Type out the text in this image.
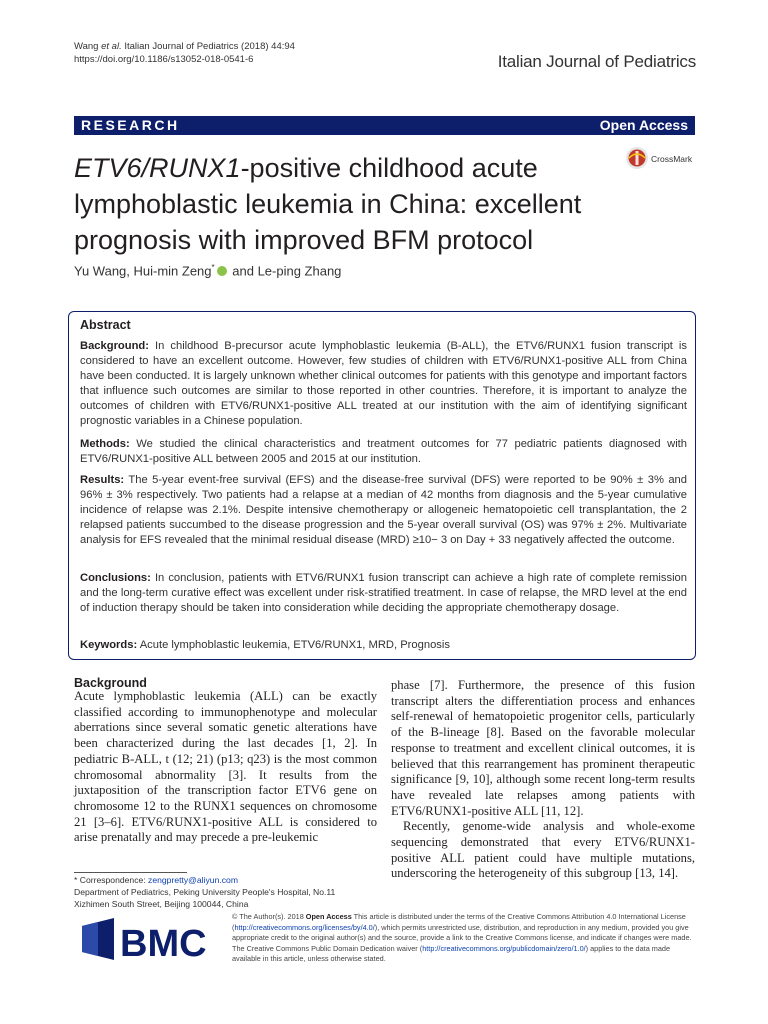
Wang et al. Italian Journal of Pediatrics (2018) 44:94
https://doi.org/10.1186/s13052-018-0541-6	Italian Journal of Pediatrics
RESEARCH	Open Access
ETV6/RUNX1-positive childhood acute lymphoblastic leukemia in China: excellent prognosis with improved BFM protocol
CrossMark
Yu Wang, Hui-min Zeng* and Le-ping Zhang
Abstract
Background: In childhood B-precursor acute lymphoblastic leukemia (B-ALL), the ETV6/RUNX1 fusion transcript is considered to have an excellent outcome. However, few studies of children with ETV6/RUNX1-positive ALL from China have been conducted. It is largely unknown whether clinical outcomes for patients with this genotype and important factors that influence such outcomes are similar to those reported in other countries. Therefore, it is important to analyze the outcomes of children with ETV6/RUNX1-positive ALL treated at our institution with the aim of identifying significant prognostic variables in a Chinese population.
Methods: We studied the clinical characteristics and treatment outcomes for 77 pediatric patients diagnosed with ETV6/RUNX1-positive ALL between 2005 and 2015 at our institution.
Results: The 5-year event-free survival (EFS) and the disease-free survival (DFS) were reported to be 90% ± 3% and 96% ± 3% respectively. Two patients had a relapse at a median of 42 months from diagnosis and the 5-year cumulative incidence of relapse was 2.1%. Despite intensive chemotherapy or allogeneic hematopoietic cell transplantation, the 2 relapsed patients succumbed to the disease progression and the 5-year overall survival (OS) was 97% ± 2%. Multivariate analysis for EFS revealed that the minimal residual disease (MRD) ≥10− 3 on Day + 33 negatively affected the outcome.
Conclusions: In conclusion, patients with ETV6/RUNX1 fusion transcript can achieve a high rate of complete remission and the long-term curative effect was excellent under risk-stratified treatment. In case of relapse, the MRD level at the end of induction therapy should be taken into consideration while deciding the appropriate chemotherapy dosage.
Keywords: Acute lymphoblastic leukemia, ETV6/RUNX1, MRD, Prognosis
Background
Acute lymphoblastic leukemia (ALL) can be exactly classified according to immunophenotype and molecular aberrations since several somatic genetic alterations have been characterized during the last decades [1, 2]. In pediatric B-ALL, t (12; 21) (p13; q23) is the most common chromosomal abnormality [3]. It results from the juxtaposition of the transcription factor ETV6 gene on chromosome 12 to the RUNX1 sequences on chromosome 21 [3–6]. ETV6/RUNX1-positive ALL is considered to arise prenatally and may precede a pre-leukemic
phase [7]. Furthermore, the presence of this fusion transcript alters the differentiation process and enhances self-renewal of hematopoietic progenitor cells, particularly of the B-lineage [8]. Based on the favorable molecular response to treatment and excellent clinical outcomes, it is believed that this rearrangement has prominent therapeutic significance [9, 10], although some recent long-term results have revealed late relapses among patients with ETV6/RUNX1-positive ALL [11, 12].
Recently, genome-wide analysis and whole-exome sequencing demonstrated that every ETV6/RUNX1-positive ALL patient could have multiple mutations, underscoring the heterogeneity of this subgroup [13, 14].
* Correspondence: zengpretty@aliyun.com
Department of Pediatrics, Peking University People's Hospital, No.11
Xizhimen South Street, Beijing 100044, China
BMC
© The Author(s). 2018 Open Access This article is distributed under the terms of the Creative Commons Attribution 4.0 International License (http://creativecommons.org/licenses/by/4.0/), which permits unrestricted use, distribution, and reproduction in any medium, provided you give appropriate credit to the original author(s) and the source, provide a link to the Creative Commons license, and indicate if changes were made. The Creative Commons Public Domain Dedication waiver (http://creativecommons.org/publicdomain/zero/1.0/) applies to the data made available in this article, unless otherwise stated.
